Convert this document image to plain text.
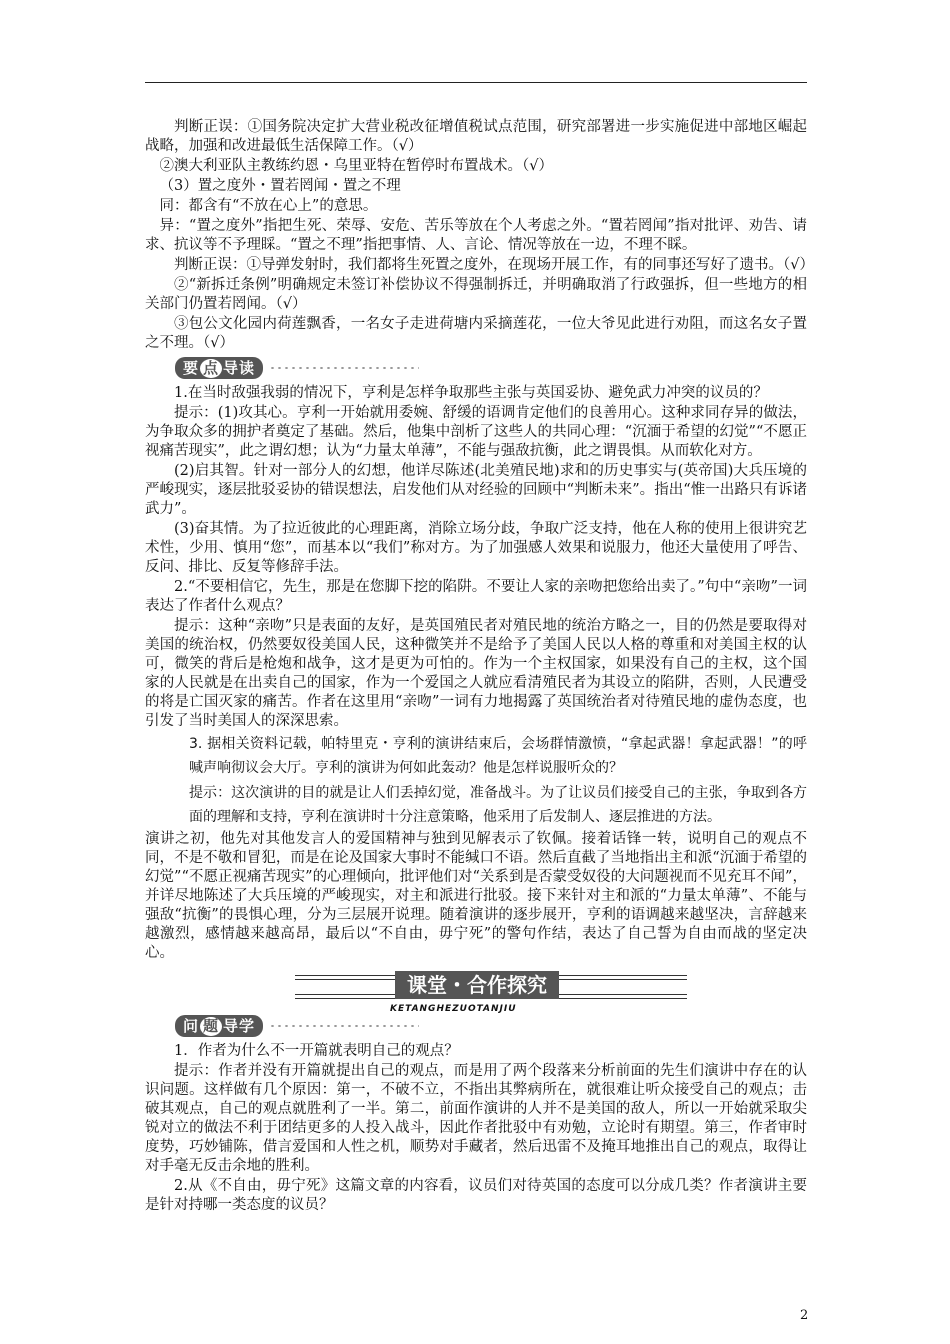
判断正误：①国务院决定扩大营业税改征增值税试点范围，研究部署进一步实施促进中部地区崛起战略，加强和改进最低生活保障工作。（√）

②澳大利亚队主教练约恩・乌里亚特在暂停时布置战术。（√）

（3）置之度外・置若罔闻・置之不理

同：都含有“不放在心上”的意思。

异：“置之度外”指把生死、荣辱、安危、苦乐等放在个人考虑之外。“置若罔闻”指对批评、劝告、请求、抗议等不予理睬。“置之不理”指把事情、人、言论、情况等放在一边，不理不睬。

判断正误：①导弹发射时，我们都将生死置之度外，在现场开展工作，有的同事还写好了遗书。（√）

②“新拆迁条例”明确规定未签订补偿协议不得强制拆迁，并明确取消了行政强拆，但一些地方的相关部门仍置若罔闻。（√）

③包公文化园内荷莲飘香，一名女子走进荷塘内采摘莲花，一位大爷见此进行劝阻，而这名女子置之不理。（√）

要 点 导读

1.在当时敌强我弱的情况下，亨利是怎样争取那些主张与英国妥协、避免武力冲突的议员的？

提示：(1)攻其心。亨利一开始就用委婉、舒缓的语调肯定他们的良善用心。这种求同存异的做法，为争取众多的拥护者奠定了基础。然后，他集中剖析了这些人的共同心理：“沉湎于希望的幻觉”“不愿正视痛苦现实”，此之谓幻想；认为“力量太单薄”，不能与强敌抗衡，此之谓畏惧。从而软化对方。

(2)启其智。针对一部分人的幻想，他详尽陈述(北美殖民地)求和的历史事实与(英帝国)大兵压境的严峻现实，逐层批驳妥协的错误想法，启发他们从对经验的回顾中“判断未来”。指出“惟一出路只有诉诸武力”。

(3)奋其情。为了拉近彼此的心理距离，消除立场分歧，争取广泛支持，他在人称的使用上很讲究艺术性，少用、慎用“您”，而基本以“我们”称对方。为了加强感人效果和说服力，他还大量使用了呼告、反问、排比、反复等修辞手法。

2.“不要相信它，先生，那是在您脚下挖的陷阱。不要让人家的亲吻把您给出卖了。”句中“亲吻”一词表达了作者什么观点？

提示：这种“亲吻”只是表面的友好，是英国殖民者对殖民地的统治方略之一，目的仍然是要取得对美国的统治权，仍然要奴役美国人民，这种微笑并不是给予了美国人民以人格的尊重和对美国主权的认可，微笑的背后是枪炮和战争，这才是更为可怕的。作为一个主权国家，如果没有自己的主权，这个国家的人民就是在出卖自己的国家，作为一个爱国之人就应看清殖民者为其设立的陷阱，否则，人民遭受的将是亡国灭家的痛苦。作者在这里用“亲吻”一词有力地揭露了英国统治者对待殖民地的虚伪态度，也引发了当时美国人的深深思索。

3. 据相关资料记载，帕特里克・亨利的演讲结束后，会场群情激愤，“拿起武器！拿起武器！”的呼喊声响彻议会大厅。亨利的演讲为何如此轰动？他是怎样说服听众的？

提示：这次演讲的目的就是让人们丢掉幻觉，准备战斗。为了让议员们接受自己的主张，争取到各方面的理解和支持，亨利在演讲时十分注意策略，他采用了后发制人、逐层推进的方法。

演讲之初，他先对其他发言人的爱国精神与独到见解表示了钦佩。接着话锋一转，说明自己的观点不同，不是不敬和冒犯，而是在论及国家大事时不能缄口不语。然后直截了当地指出主和派“沉湎于希望的幻觉”“不愿正视痛苦现实”的心理倾向，批评他们对“关系到是否蒙受奴役的大问题视而不见充耳不闻”，并详尽地陈述了大兵压境的严峻现实，对主和派进行批驳。接下来针对主和派的“力量太单薄”、不能与强敌“抗衡”的畏惧心理，分为三层展开说理。随着演讲的逐步展开，亨利的语调越来越坚决，言辞越来越激烈，感情越来越高昂，最后以“不自由，毋宁死”的警句作结，表达了自己誓为自由而战的坚定决心。

课堂・合作探究
KETANGHEZUOTANJIU
问 题 导学

1．作者为什么不一开篇就表明自己的观点？

提示：作者并没有开篇就提出自己的观点，而是用了两个段落来分析前面的先生们演讲中存在的认识问题。这样做有几个原因：第一，不破不立，不指出其弊病所在，就很难让听众接受自己的观点；击破其观点，自己的观点就胜利了一半。第二，前面作演讲的人并不是美国的敌人，所以一开始就采取尖锐对立的做法不利于团结更多的人投入战斗，因此作者批驳中有劝勉，立论时有期望。第三，作者审时度势，巧妙铺陈，借言爱国和人性之机，顺势对手藏者，然后迅雷不及掩耳地推出自己的观点，取得让对手毫无反击余地的胜利。

2.从《不自由，毋宁死》这篇文章的内容看，议员们对待英国的态度可以分成几类？作者演讲主要是针对持哪一类态度的议员？

2
